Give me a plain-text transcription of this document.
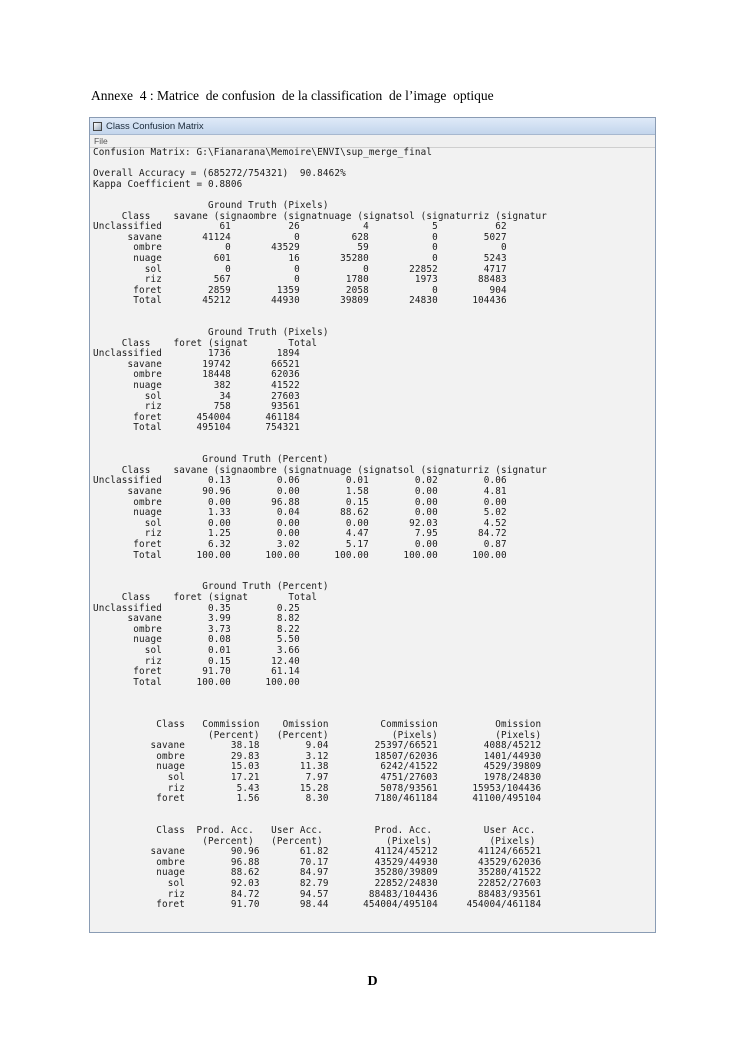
Annexe  4 : Matrice  de confusion  de la classification  de l’image  optique
Class Confusion Matrix
File
Confusion Matrix: G:\Fianarana\Memoire\ENVI\sup_merge_final
Overall Accuracy = (685272/754321)  90.8462%
Kappa Coefficient = 0.8806
Ground Truth (Pixels)
Class    savane (signaombre (signatnuage (signatsol (signaturriz (signatur
Unclassified          61          26           4           5          62
savane       41124           0         628           0        5027
ombre           0       43529          59           0           0
nuage         601          16       35280           0        5243
sol           0           0           0       22852        4717
riz         567           0        1780        1973       88483
foret        2859        1359        2058           0         904
Total       45212       44930       39809       24830      104436
Ground Truth (Pixels)
Class    foret (signat       Total
Unclassified        1736        1894
savane       19742       66521
ombre       18448       62036
nuage         382       41522
sol          34       27603
riz         758       93561
foret      454004      461184
Total      495104      754321
Ground Truth (Percent)
Class    savane (signaombre (signatnuage (signatsol (signaturriz (signatur
Unclassified        0.13        0.06        0.01        0.02        0.06
savane       90.96        0.00        1.58        0.00        4.81
ombre        0.00       96.88        0.15        0.00        0.00
nuage        1.33        0.04       88.62        0.00        5.02
sol        0.00        0.00        0.00       92.03        4.52
riz        1.25        0.00        4.47        7.95       84.72
foret        6.32        3.02        5.17        0.00        0.87
Total      100.00      100.00      100.00      100.00      100.00
Ground Truth (Percent)
Class    foret (signat       Total
Unclassified        0.35        0.25
savane        3.99        8.82
ombre        3.73        8.22
nuage        0.08        5.50
sol        0.01        3.66
riz        0.15       12.40
foret       91.70       61.14
Total      100.00      100.00
Class   Commission    Omission         Commission          Omission
(Percent)   (Percent)           (Pixels)          (Pixels)
savane        38.18        9.04        25397/66521        4088/45212
ombre        29.83        3.12        18507/62036        1401/44930
nuage        15.03       11.38         6242/41522        4529/39809
sol        17.21        7.97         4751/27603        1978/24830
riz         5.43       15.28         5078/93561      15953/104436
foret         1.56        8.30        7180/461184      41100/495104
Class  Prod. Acc.   User Acc.         Prod. Acc.         User Acc.
(Percent)   (Percent)           (Pixels)          (Pixels)
savane        90.96       61.82        41124/45212       41124/66521
ombre        96.88       70.17        43529/44930       43529/62036
nuage        88.62       84.97        35280/39809       35280/41522
sol        92.03       82.79        22852/24830       22852/27603
riz        84.72       94.57       88483/104436       88483/93561
foret        91.70       98.44      454004/495104     454004/461184
D
